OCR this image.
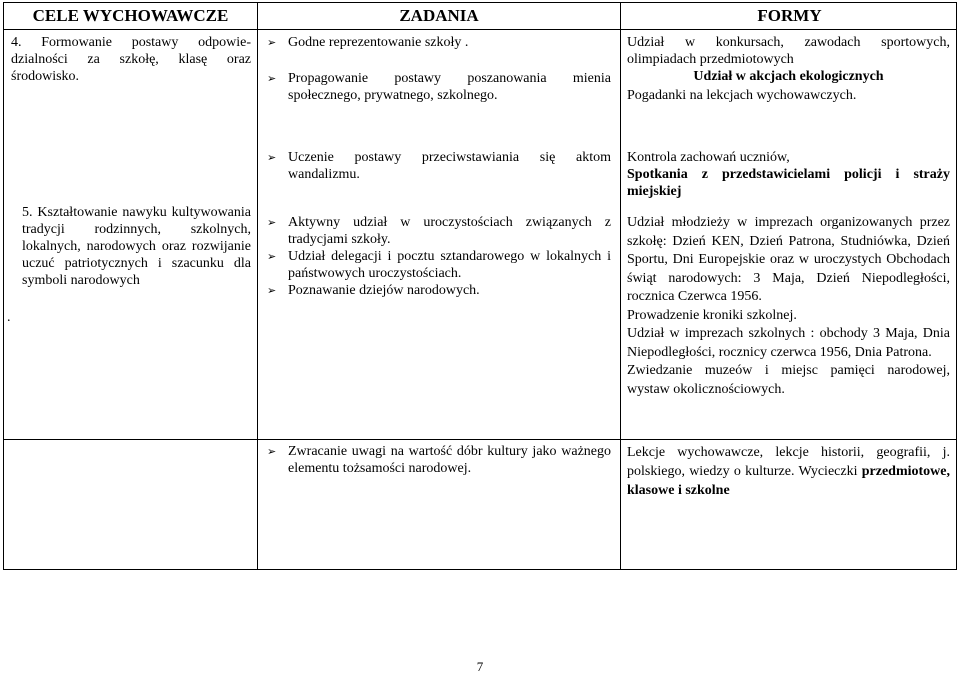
CELE WYCHOWAWCZE	ZADANIA	FORMY
4. Formowanie postawy odpowie-dzialności za szkołę, klasę oraz środowisko.
➢ Godne reprezentowanie szkoły .
➢ Propagowanie postawy poszanowania mienia społecznego, prywatnego, szkolnego.
Udział w konkursach, zawodach sportowych, olimpiadach przedmiotowych
Udział w akcjach ekologicznych
Pogadanki na lekcjach wychowawczych.
➢ Uczenie postawy przeciwstawiania się aktom wandalizmu.
Kontrola zachowań uczniów,
Spotkania z przedstawicielami policji i straży miejskiej
5. Kształtowanie nawyku kultywowania tradycji rodzinnych, szkolnych, lokalnych, narodowych oraz rozwijanie uczuć patriotycznych i szacunku dla symboli narodowych
.
➢ Aktywny udział w uroczystościach związanych z tradycjami szkoły.
➢ Udział delegacji i pocztu sztandarowego w lokalnych i państwowych uroczystościach.
➢ Poznawanie dziejów narodowych.
Udział młodzieży w imprezach organizowanych przez szkołę: Dzień KEN, Dzień Patrona, Studniówka, Dzień Sportu, Dni Europejskie oraz w uroczystych Obchodach świąt narodowych: 3 Maja, Dzień Niepodległości, rocznica Czerwca 1956.
Prowadzenie kroniki szkolnej.
Udział w imprezach szkolnych : obchody 3 Maja, Dnia Niepodległości, rocznicy czerwca 1956, Dnia Patrona.
Zwiedzanie muzeów i miejsc pamięci narodowej, wystaw okolicznościowych.
➢ Zwracanie uwagi na wartość dóbr kultury jako ważnego elementu tożsamości narodowej.
Lekcje wychowawcze, lekcje historii, geografii, j. polskiego, wiedzy o kulturze. Wycieczki przedmiotowe, klasowe i szkolne
7
